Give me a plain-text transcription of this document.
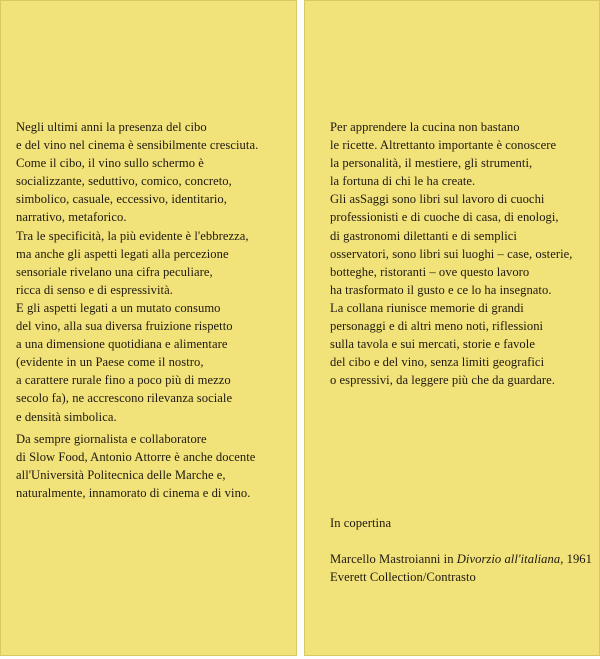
Negli ultimi anni la presenza del cibo
e del vino nel cinema è sensibilmente cresciuta.
Come il cibo, il vino sullo schermo è
socializzante, seduttivo, comico, concreto,
simbolico, casuale, eccessivo, identitario,
narrativo, metaforico.
Tra le specificità, la più evidente è l'ebbrezza,
ma anche gli aspetti legati alla percezione
sensoriale rivelano una cifra peculiare,
ricca di senso e di espressività.
E gli aspetti legati a un mutato consumo
del vino, alla sua diversa fruizione rispetto
a una dimensione quotidiana e alimentare
(evidente in un Paese come il nostro,
a carattere rurale fino a poco più di mezzo
secolo fa), ne accrescono rilevanza sociale
e densità simbolica.
Da sempre giornalista e collaboratore
di Slow Food, Antonio Attorre è anche docente
all'Università Politecnica delle Marche e,
naturalmente, innamorato di cinema e di vino.
Per apprendere la cucina non bastano
le ricette. Altrettanto importante è conoscere
la personalità, il mestiere, gli strumenti,
la fortuna di chi le ha create.
Gli asSaggi sono libri sul lavoro di cuochi
professionisti e di cuoche di casa, di enologi,
di gastronomi dilettanti e di semplici
osservatori, sono libri sui luoghi – case, osterie,
botteghe, ristoranti – ove questo lavoro
ha trasformato il gusto e ce lo ha insegnato.
La collana riunisce memorie di grandi
personaggi e di altri meno noti, riflessioni
sulla tavola e sui mercati, storie e favole
del cibo e del vino, senza limiti geografici
o espressivi, da leggere più che da guardare.
In copertina
Marcello Mastroianni in Divorzio all'italiana, 1961
Everett Collection/Contrasto
